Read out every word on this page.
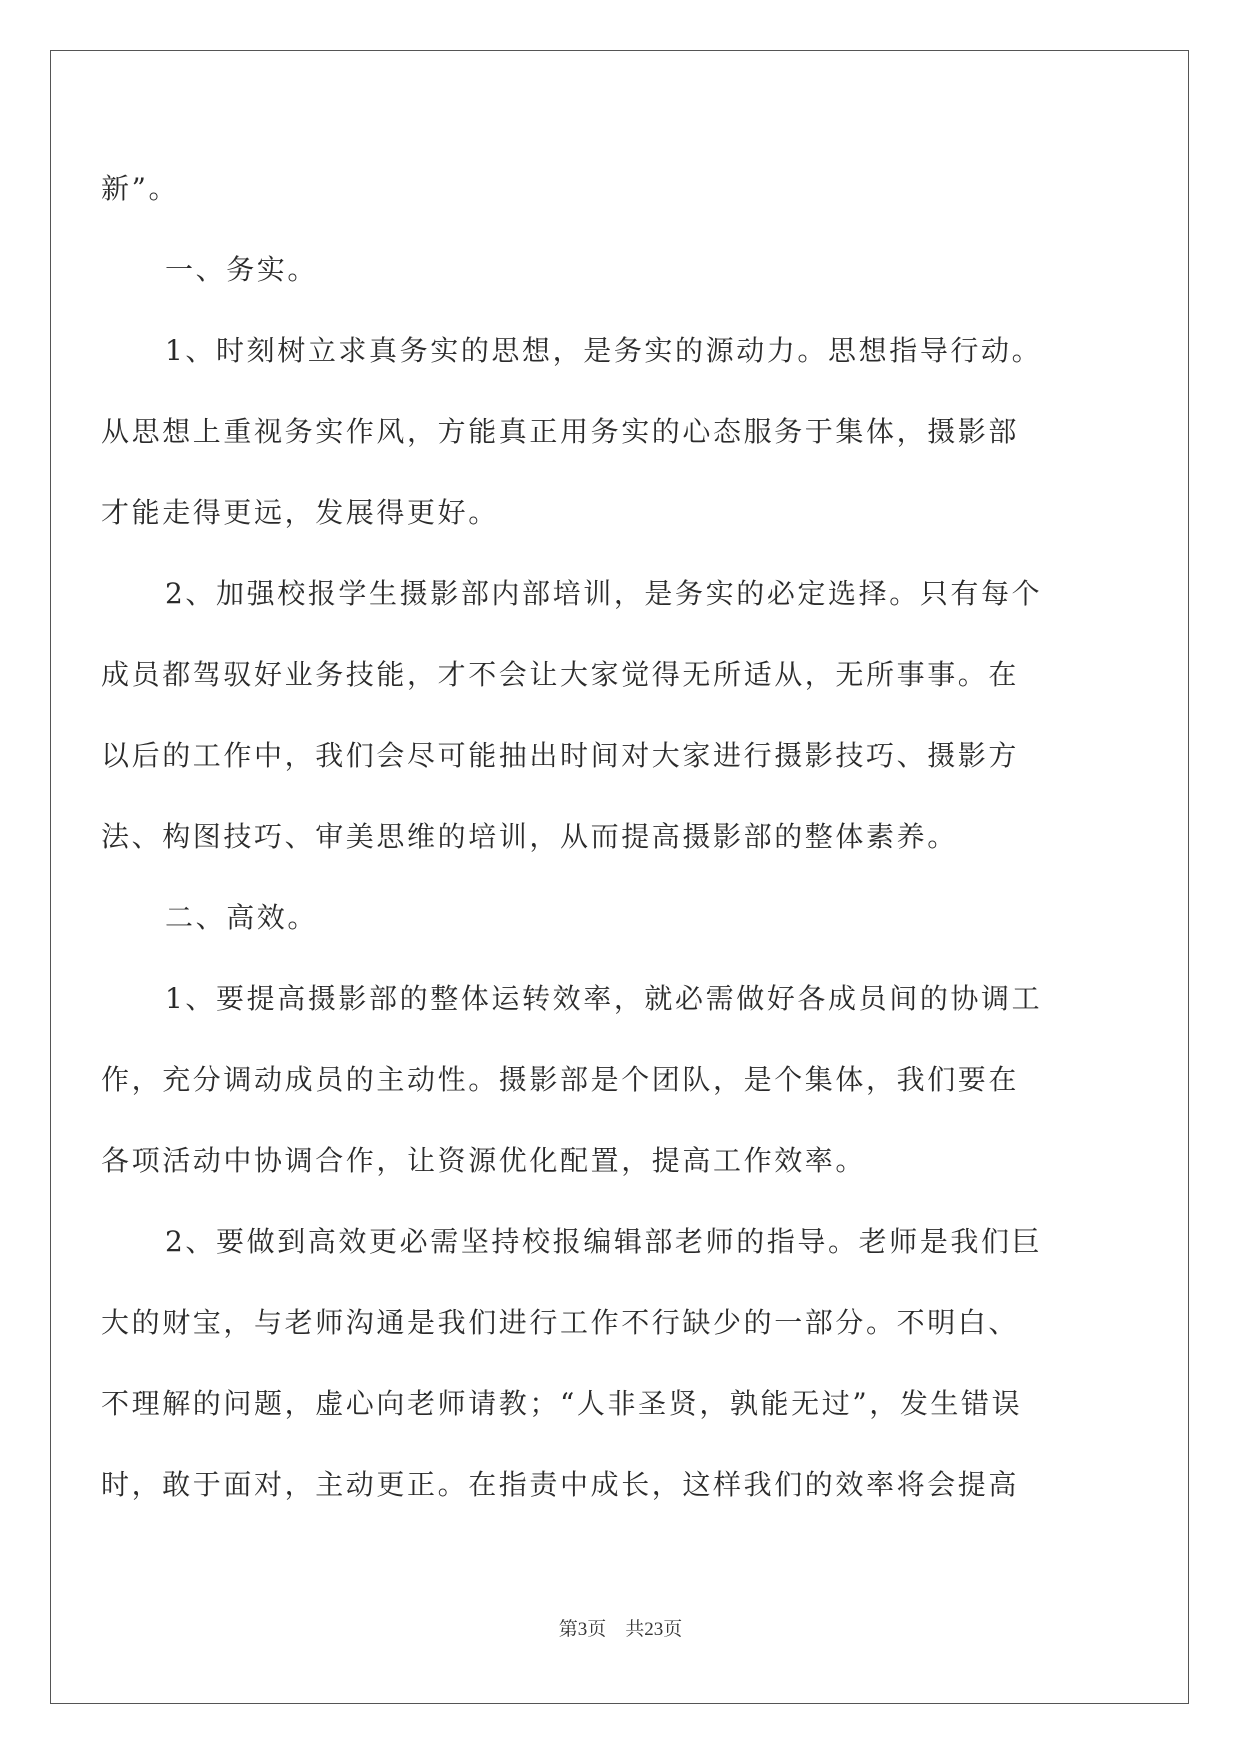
新”。
一、务实。
1、时刻树立求真务实的思想，是务实的源动力。思想指导行动。
从思想上重视务实作风，方能真正用务实的心态服务于集体，摄影部
才能走得更远，发展得更好。
2、加强校报学生摄影部内部培训，是务实的必定选择。只有每个
成员都驾驭好业务技能，才不会让大家觉得无所适从，无所事事。在
以后的工作中，我们会尽可能抽出时间对大家进行摄影技巧、摄影方
法、构图技巧、审美思维的培训，从而提高摄影部的整体素养。
二、高效。
1、要提高摄影部的整体运转效率，就必需做好各成员间的协调工
作，充分调动成员的主动性。摄影部是个团队，是个集体，我们要在
各项活动中协调合作，让资源优化配置，提高工作效率。
2、要做到高效更必需坚持校报编辑部老师的指导。老师是我们巨
大的财宝，与老师沟通是我们进行工作不行缺少的一部分。不明白、
不理解的问题，虚心向老师请教；“人非圣贤，孰能无过”，发生错误
时，敢于面对，主动更正。在指责中成长，这样我们的效率将会提高
第3页 共23页
